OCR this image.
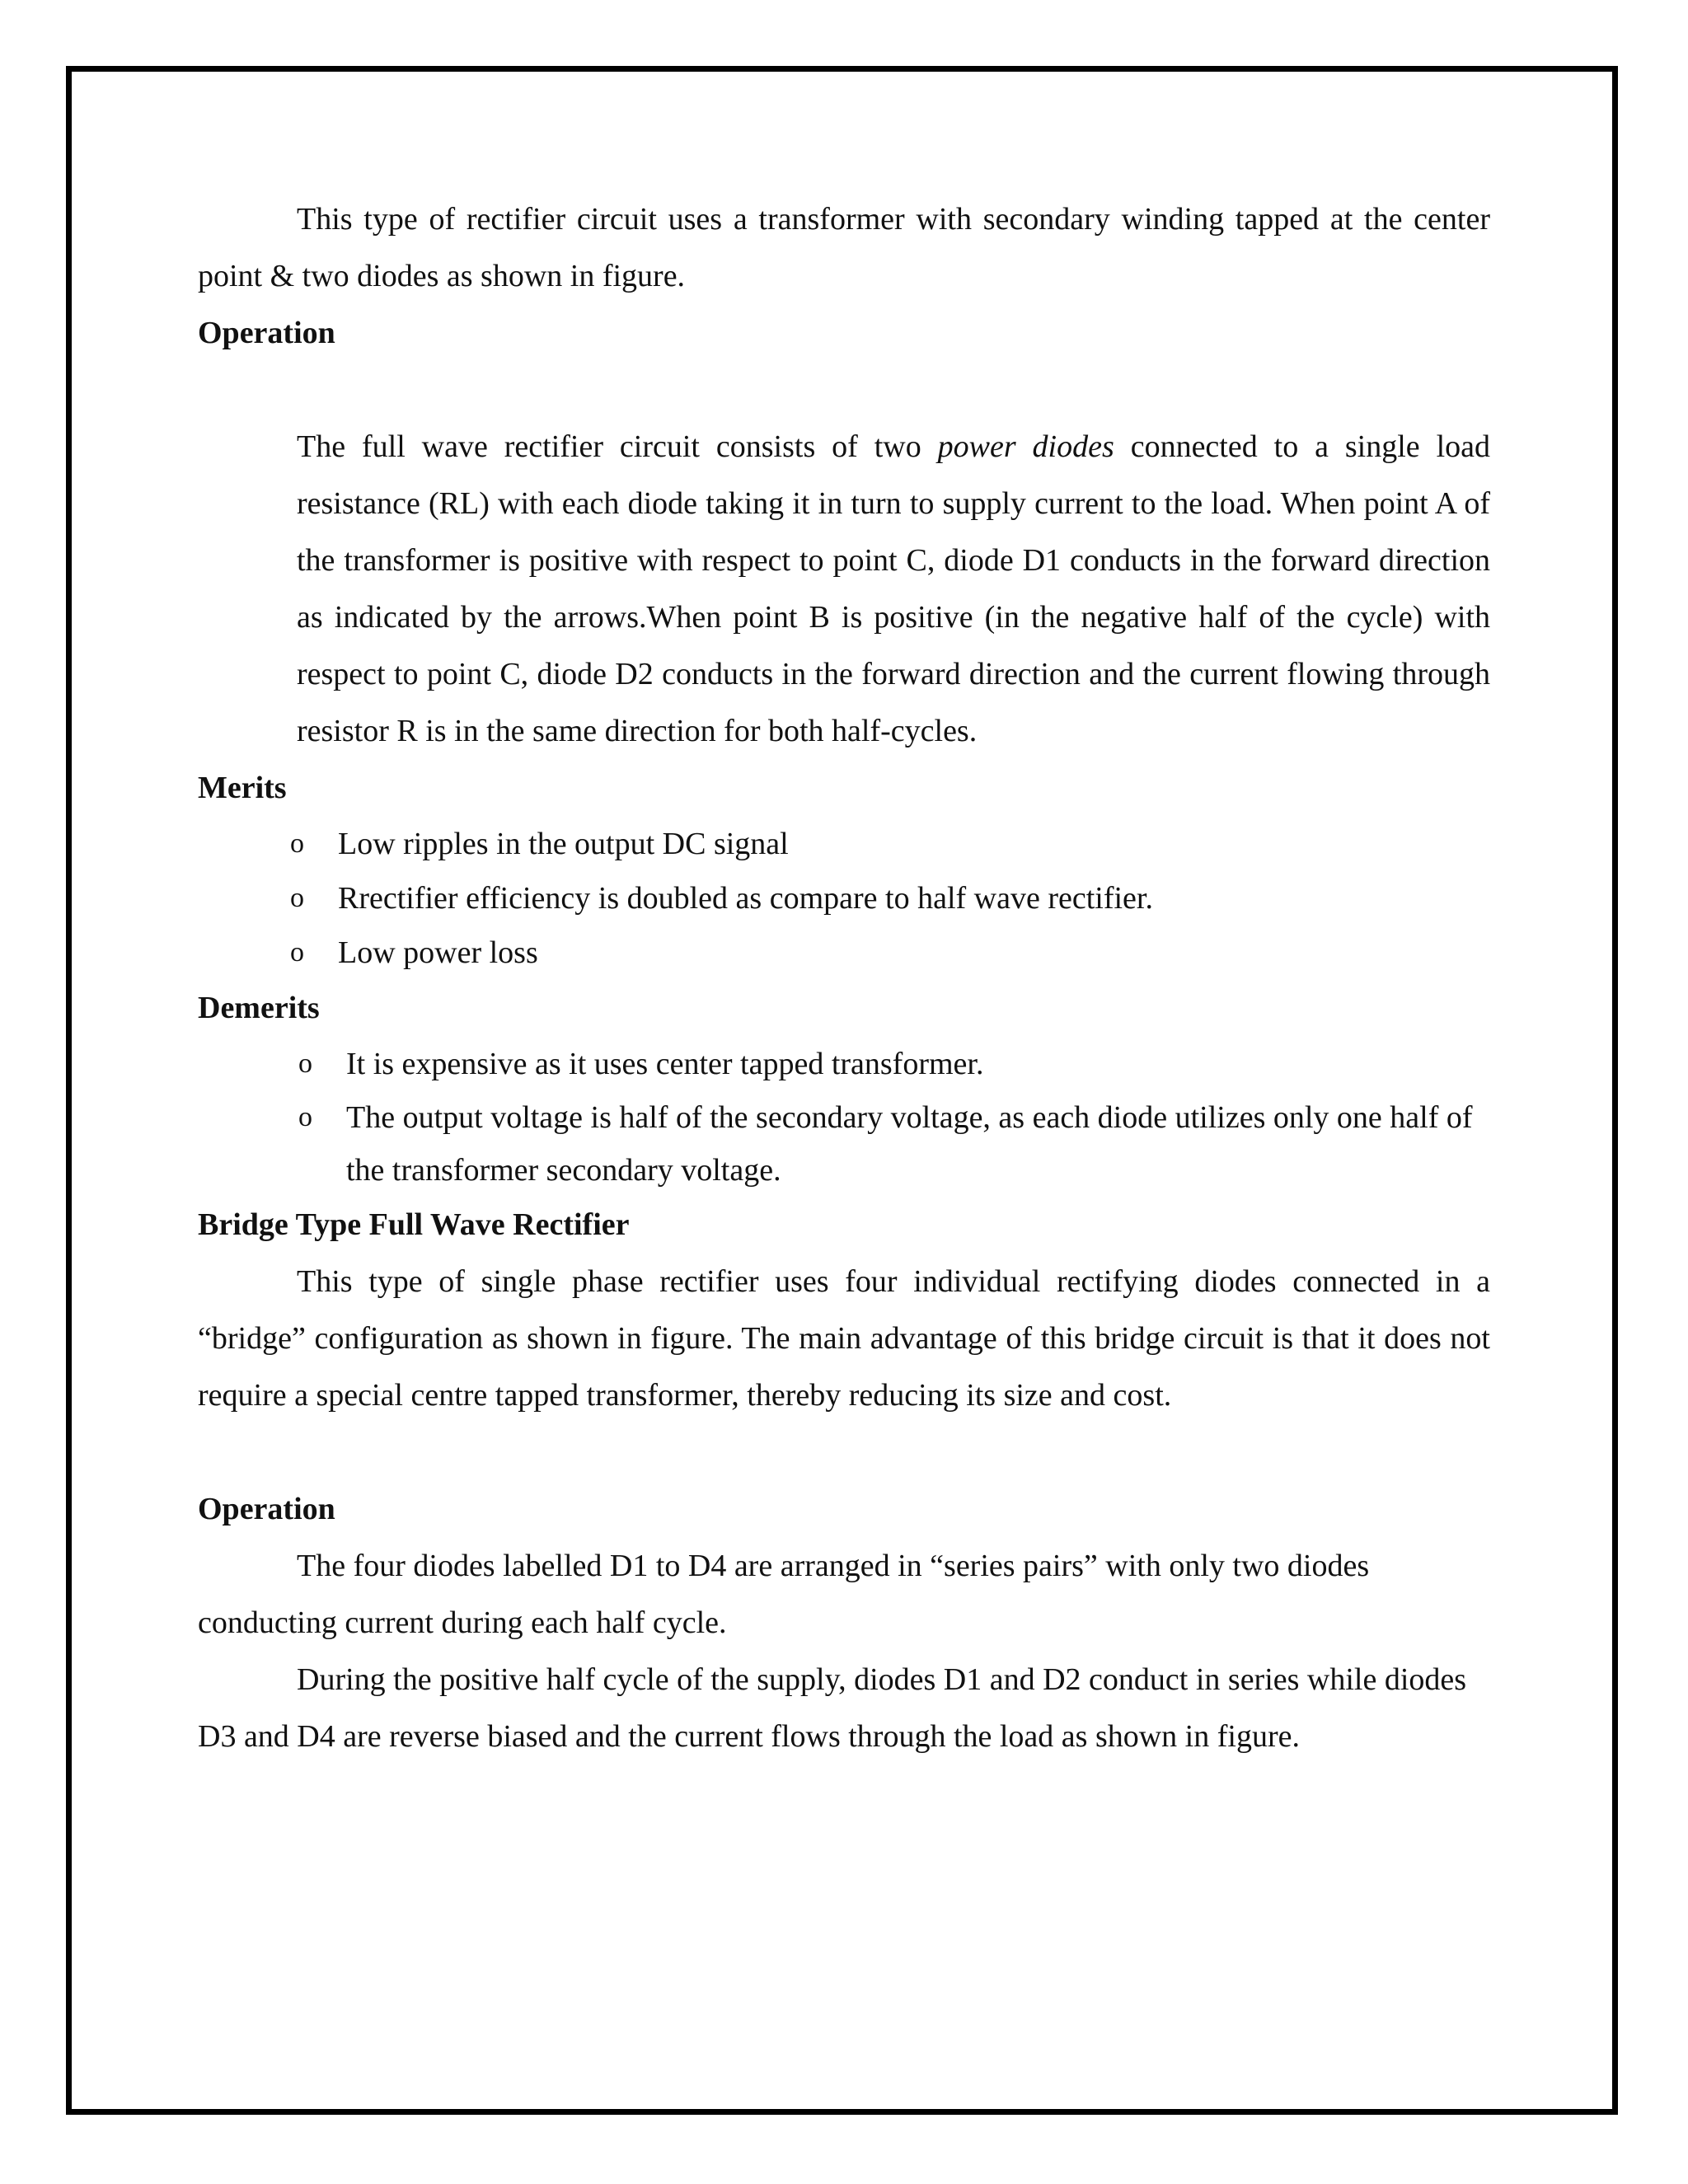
This type of rectifier circuit uses a transformer with secondary winding tapped at the center point & two diodes as shown in figure.

Operation

The full wave rectifier circuit consists of two power diodes connected to a single load resistance (RL) with each diode taking it in turn to supply current to the load. When point A of the transformer is positive with respect to point C, diode D1 conducts in the forward direction as indicated by the arrows.When point B is positive (in the negative half of the cycle) with respect to point C, diode D2 conducts in the forward direction and the current flowing through resistor R is in the same direction for both half-cycles.

Merits

o Low ripples in the output DC signal
o Rrectifier efficiency is doubled as compare to half wave rectifier.
o Low power loss

Demerits

o It is expensive as it uses center tapped transformer.
o The output voltage is half of the secondary voltage, as each diode utilizes only one half of the transformer secondary voltage.

Bridge Type Full Wave Rectifier

This type of single phase rectifier uses four individual rectifying diodes connected in a “bridge” configuration as shown in figure. The main advantage of this bridge circuit is that it does not require a special centre tapped transformer, thereby reducing its size and cost.

Operation

The four diodes labelled D1 to D4 are arranged in “series pairs” with only two diodes conducting current during each half cycle.

During the positive half cycle of the supply, diodes D1 and D2 conduct in series while diodes D3 and D4 are reverse biased and the current flows through the load as shown in figure.
